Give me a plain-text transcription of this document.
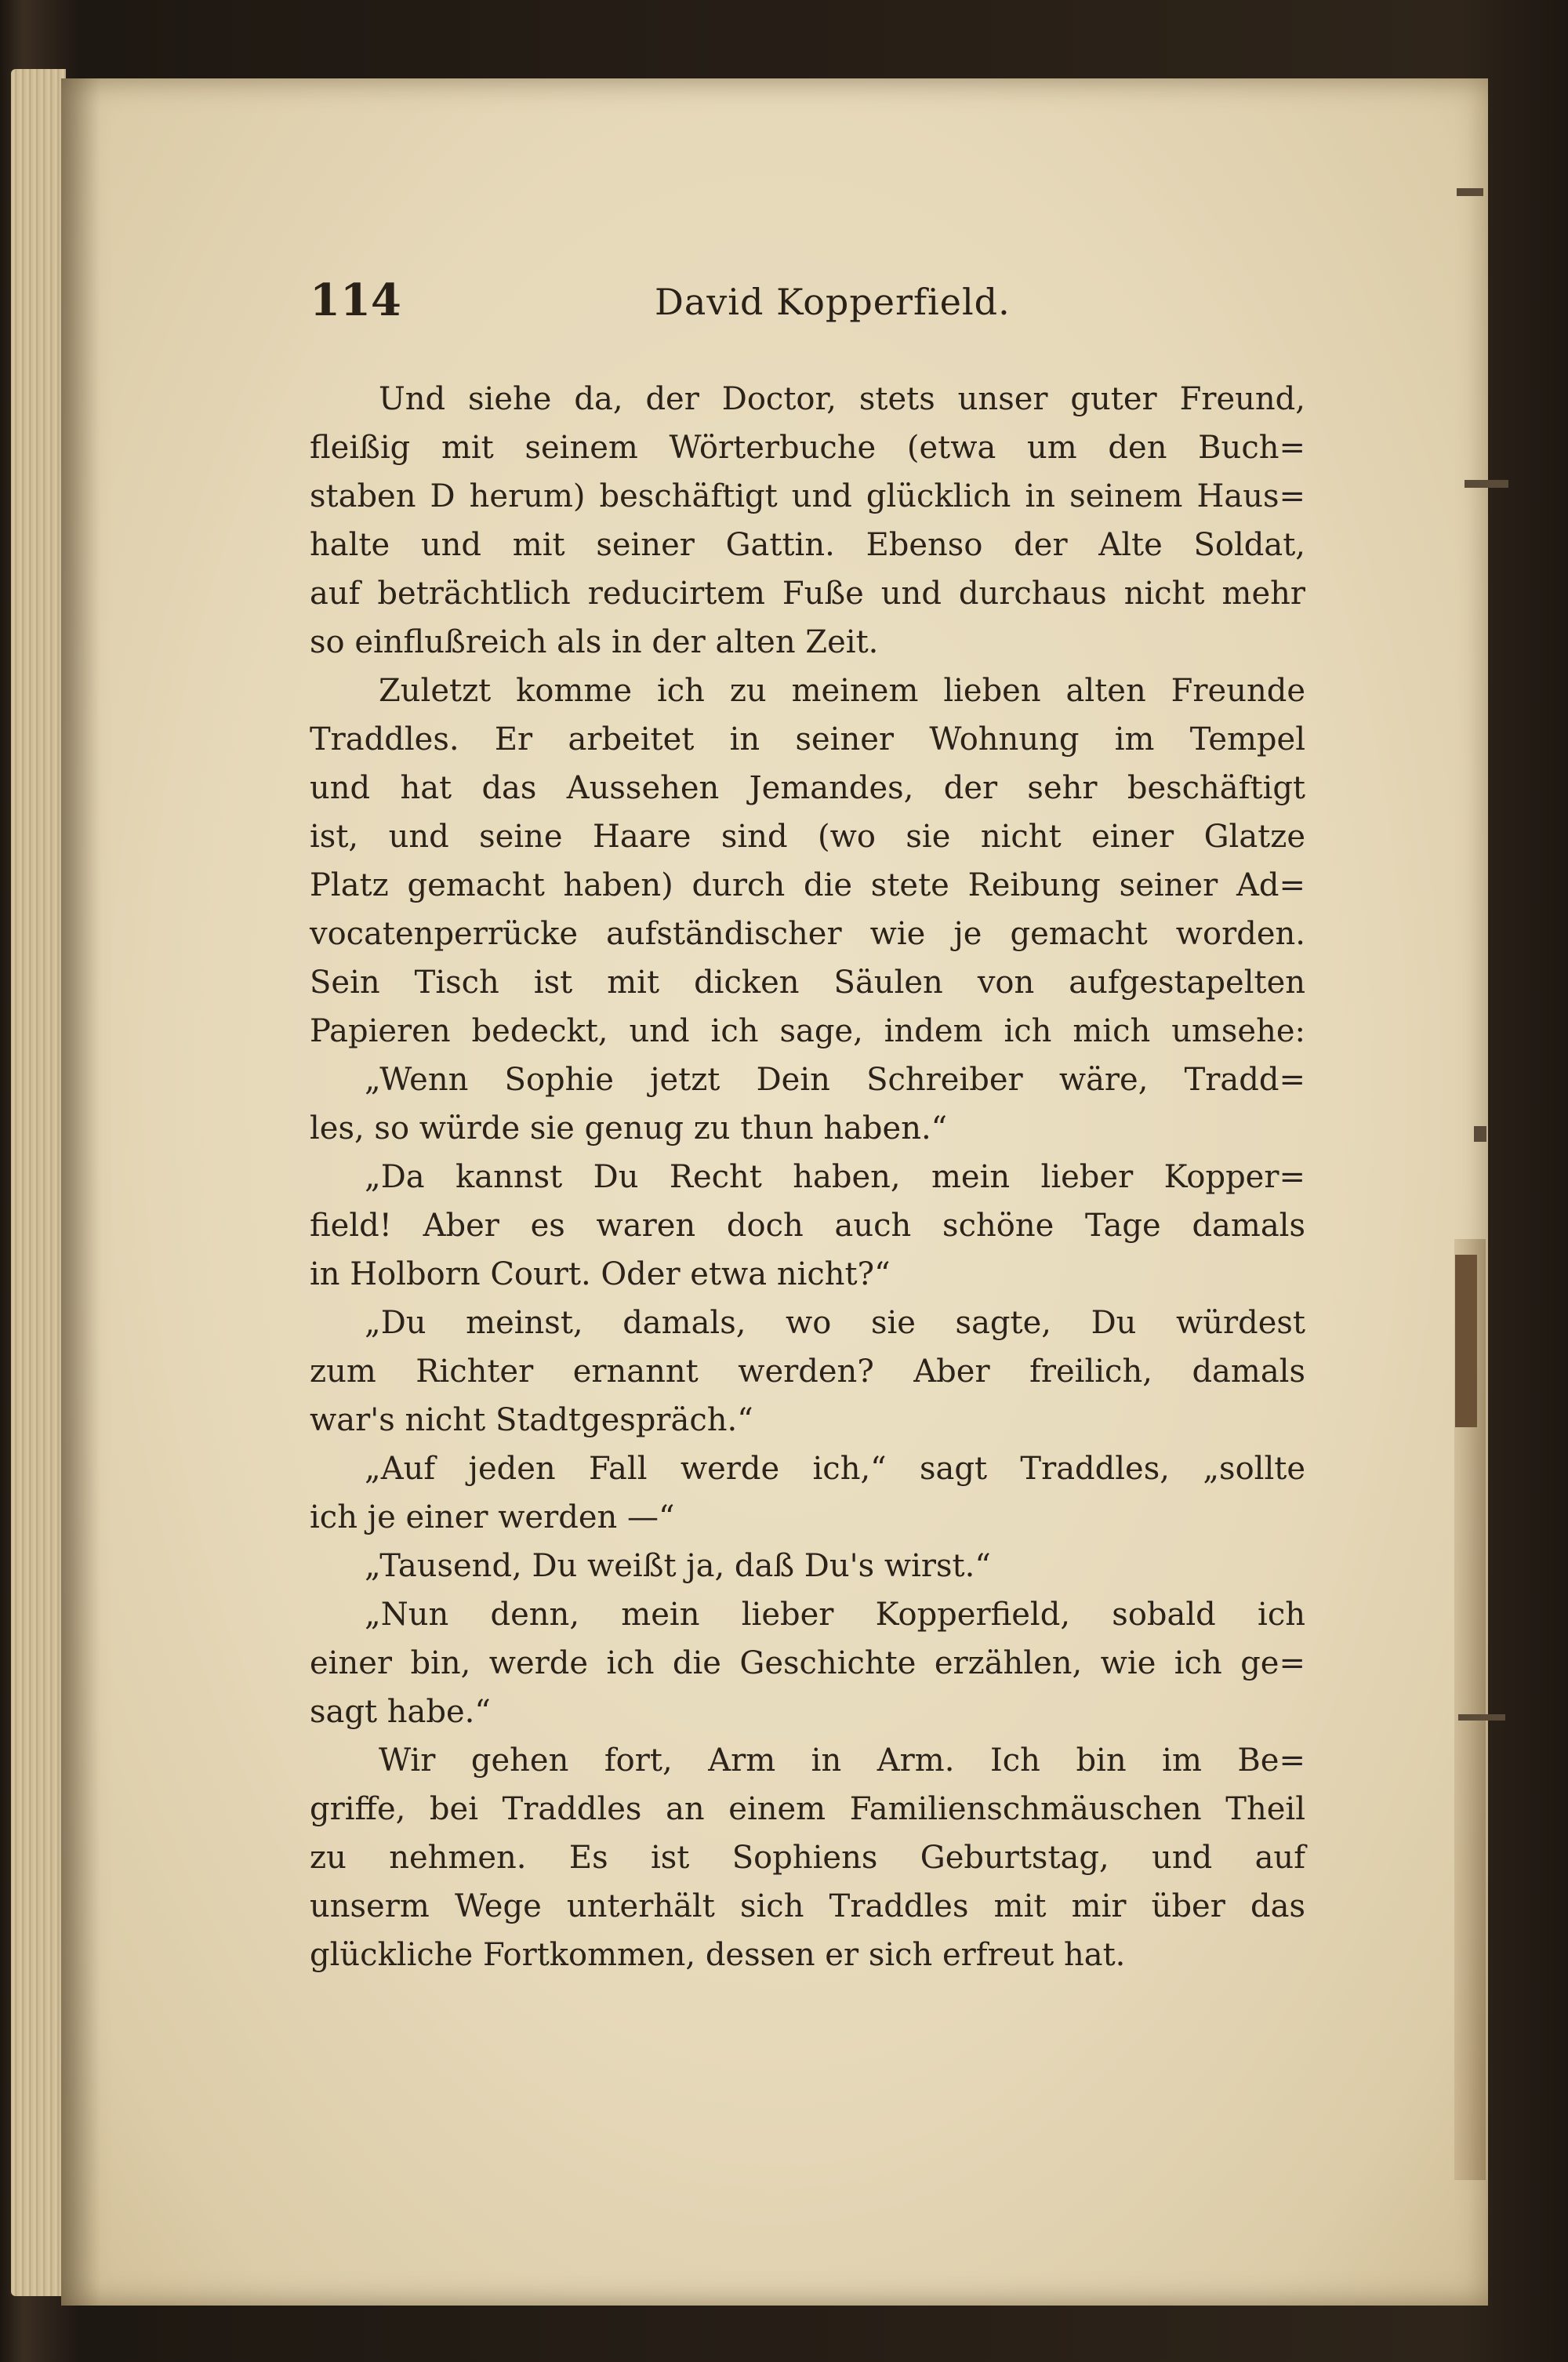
114	David Kopperfield.
Und siehe da, der Doctor, stets unser guter Freund,
fleißig mit seinem Wörterbuche (etwa um den Buch=
staben D herum) beschäftigt und glücklich in seinem Haus=
halte und mit seiner Gattin. Ebenso der Alte Soldat,
auf beträchtlich reducirtem Fuße und durchaus nicht mehr
so einflußreich als in der alten Zeit.
Zuletzt komme ich zu meinem lieben alten Freunde
Traddles. Er arbeitet in seiner Wohnung im Tempel
und hat das Aussehen Jemandes, der sehr beschäftigt
ist, und seine Haare sind (wo sie nicht einer Glatze
Platz gemacht haben) durch die stete Reibung seiner Ad=
vocatenperrücke aufständischer wie je gemacht worden.
Sein Tisch ist mit dicken Säulen von aufgestapelten
Papieren bedeckt, und ich sage, indem ich mich umsehe:
„Wenn Sophie jetzt Dein Schreiber wäre, Tradd=
les, so würde sie genug zu thun haben.“
„Da kannst Du Recht haben, mein lieber Kopper=
field! Aber es waren doch auch schöne Tage damals
in Holborn Court. Oder etwa nicht?“
„Du meinst, damals, wo sie sagte, Du würdest
zum Richter ernannt werden? Aber freilich, damals
war's nicht Stadtgespräch.“
„Auf jeden Fall werde ich,“ sagt Traddles, „sollte
ich je einer werden —“
„Tausend, Du weißt ja, daß Du's wirst.“
„Nun denn, mein lieber Kopperfield, sobald ich
einer bin, werde ich die Geschichte erzählen, wie ich ge=
sagt habe.“
Wir gehen fort, Arm in Arm. Ich bin im Be=
griffe, bei Traddles an einem Familienschmäuschen Theil
zu nehmen. Es ist Sophiens Geburtstag, und auf
unserm Wege unterhält sich Traddles mit mir über das
glückliche Fortkommen, dessen er sich erfreut hat.
